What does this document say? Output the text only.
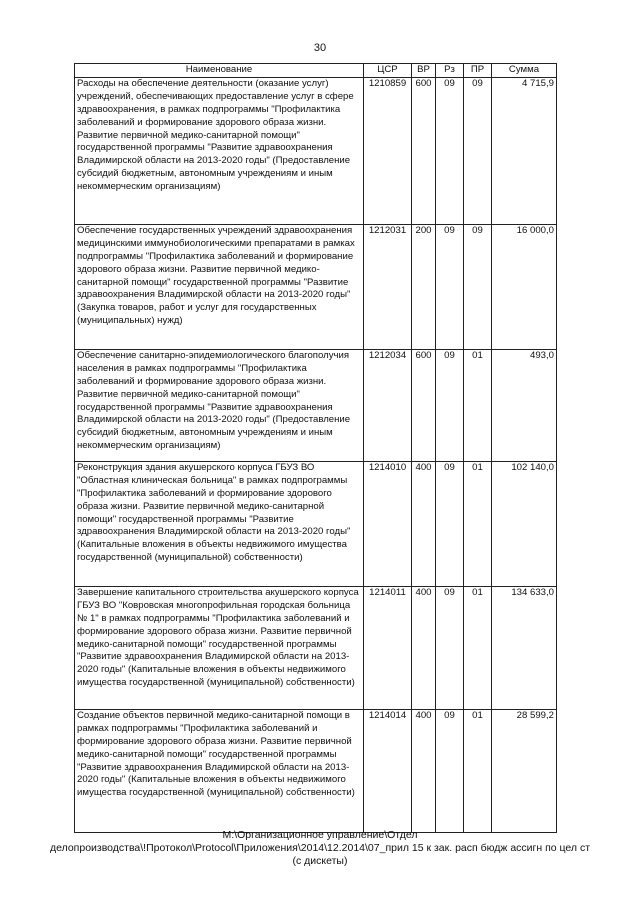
30
Наименование	ЦСР	ВР	Рз	ПР	Сумма
Расходы на обеспечение деятельности (оказание услуг) учреждений, обеспечивающих предоставление услуг в сфере здравоохранения, в рамках подпрограммы "Профилактика заболеваний и формирование здорового образа жизни. Развитие первичной медико-санитарной помощи" государственной программы "Развитие здравоохранения Владимирской области на 2013-2020 годы" (Предоставление субсидий бюджетным, автономным учреждениям и иным некоммерческим организациям)	1210859	600	09	09	4 715,9
Обеспечение государственных учреждений здравоохранения медицинскими иммунобиологическими препаратами в рамках подпрограммы "Профилактика заболеваний и формирование здорового образа жизни. Развитие первичной медико-санитарной помощи" государственной программы "Развитие здравоохранения Владимирской области на 2013-2020 годы" (Закупка товаров, работ и услуг для государственных (муниципальных) нужд)	1212031	200	09	09	16 000,0
Обеспечение санитарно-эпидемиологического благополучия населения в рамках подпрограммы "Профилактика заболеваний и формирование здорового образа жизни. Развитие первичной медико-санитарной помощи" государственной программы "Развитие здравоохранения Владимирской области на 2013-2020 годы" (Предоставление субсидий бюджетным, автономным учреждениям и иным некоммерческим организациям)	1212034	600	09	01	493,0
Реконструкция здания акушерского корпуса ГБУЗ ВО "Областная клиническая больница" в рамках подпрограммы "Профилактика заболеваний и формирование здорового образа жизни. Развитие первичной медико-санитарной помощи" государственной программы "Развитие здравоохранения Владимирской области на 2013-2020 годы" (Капитальные вложения в объекты недвижимого имущества государственной (муниципальной) собственности)	1214010	400	09	01	102 140,0
Завершение капитального строительства акушерского корпуса ГБУЗ ВО "Ковровская многопрофильная городская больница № 1" в рамках подпрограммы "Профилактика заболеваний и формирование здорового образа жизни. Развитие первичной медико-санитарной помощи" государственной программы "Развитие здравоохранения Владимирской области на 2013-2020 годы" (Капитальные вложения в объекты недвижимого имущества государственной (муниципальной) собственности)	1214011	400	09	01	134 633,0
Создание объектов первичной медико-санитарной помощи в рамках подпрограммы "Профилактика заболеваний и формирование здорового образа жизни. Развитие первичной медико-санитарной помощи" государственной программы "Развитие здравоохранения Владимирской области на 2013-2020 годы" (Капитальные вложения в объекты недвижимого имущества государственной (муниципальной) собственности)	1214014	400	09	01	28 599,2
M:\Организационное управление\Отдел
делопроизводства\!Протокол\Protocol\Приложения\2014\12.2014\07_прил 15 к зак. расп бюдж ассигн по цел ст
(с дискеты)
